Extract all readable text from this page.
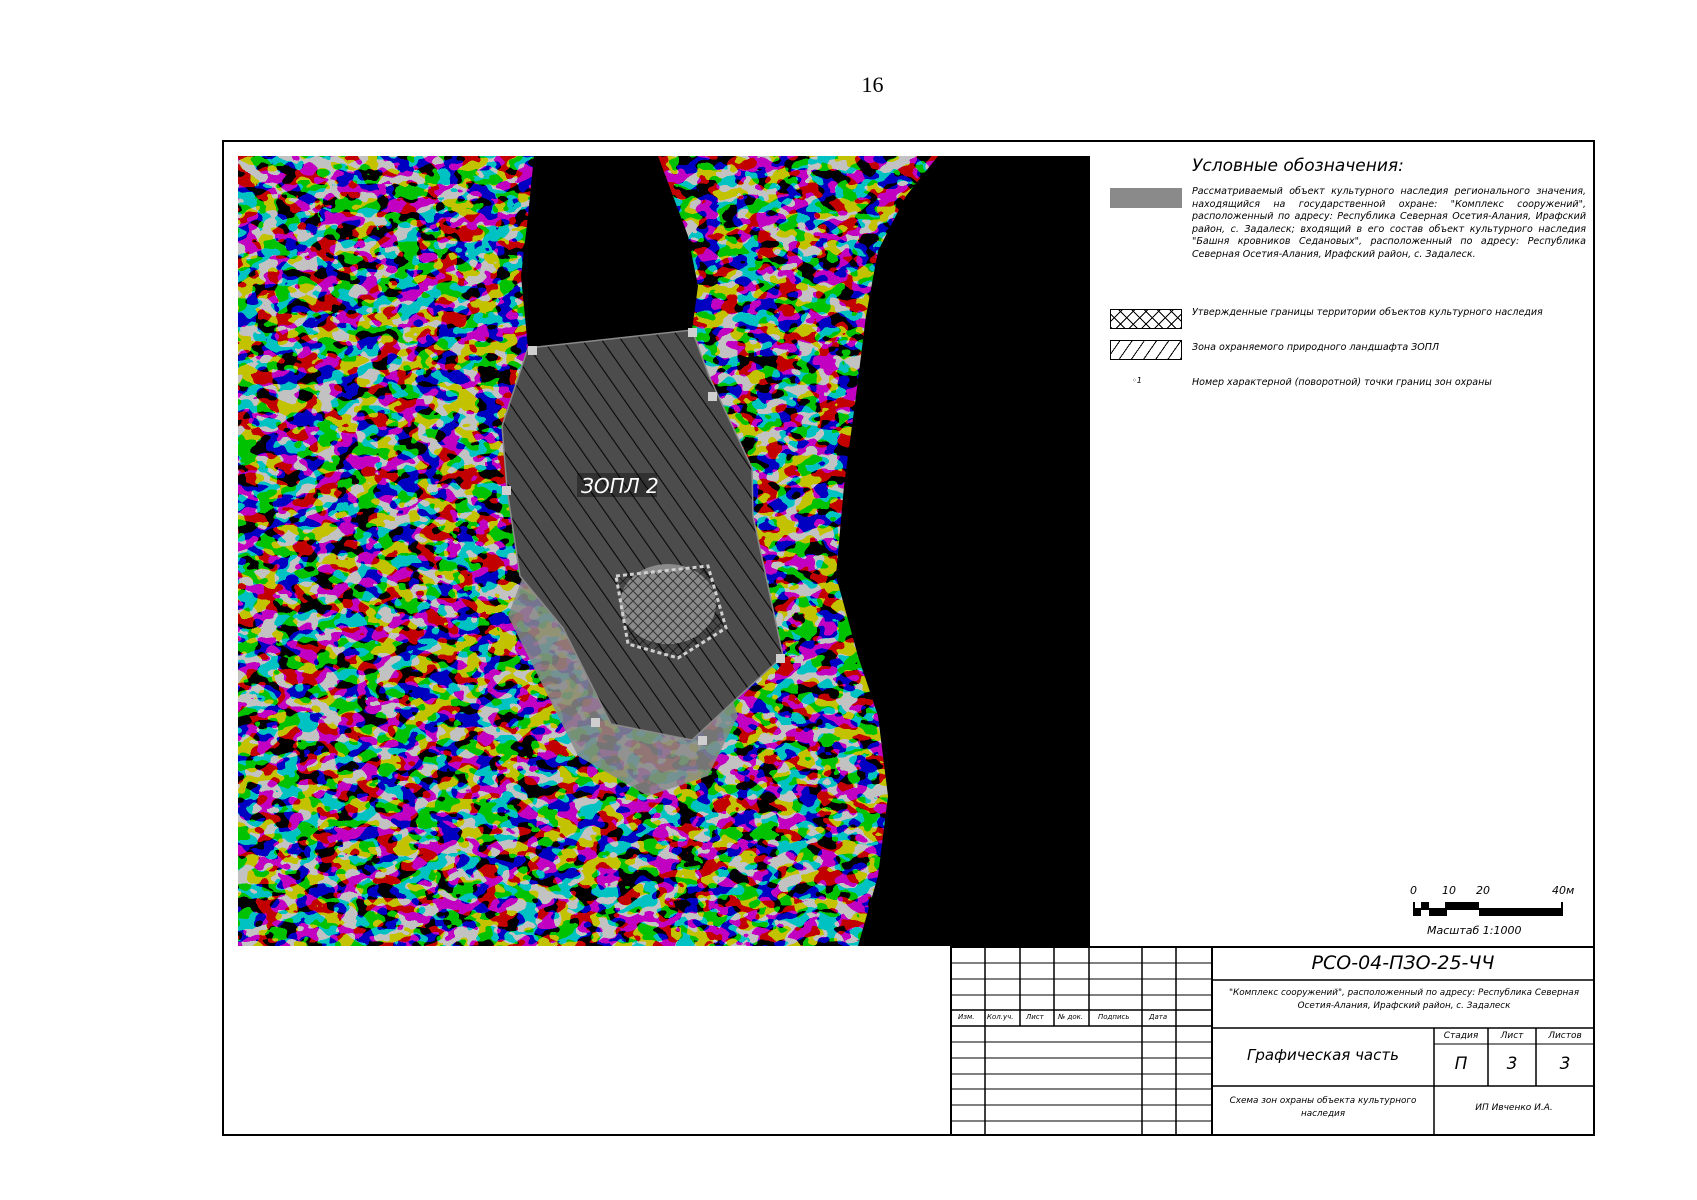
16
ЗОПЛ 2
Условные обозначения:
Рассматриваемый объект культурного наследия регионального значения, находящийся на государственной охране: "Комплекс сооружений", расположенный по адресу: Республика Северная Осетия-Алания, Ирафский район, с. Задалеск; входящий в его состав объект культурного наследия "Башня кровников Седановых", расположенный по адресу: Республика Северная Осетия-Алания, Ирафский район, с. Задалеск.
Утвержденные границы территории объектов культурного наследия
Зона охраняемого природного ландшафта ЗОПЛ
◦1	Номер характерной (поворотной) точки границ зон охраны
0 10 20	40м
Масштаб 1:1000
Изм. Кол.уч. Лист № док. Подпись	Дата
РСО-04-ПЗО-25-ЧЧ
"Комплекс сооружений", расположенный по адресу: Республика Северная
Осетия-Алания, Ирафский район, с. Задалеск
Графическая часть
Стадия	Лист	Листов
П	3	3
Схема зон охраны объекта культурного
наследия
ИП Ивченко И.А.
